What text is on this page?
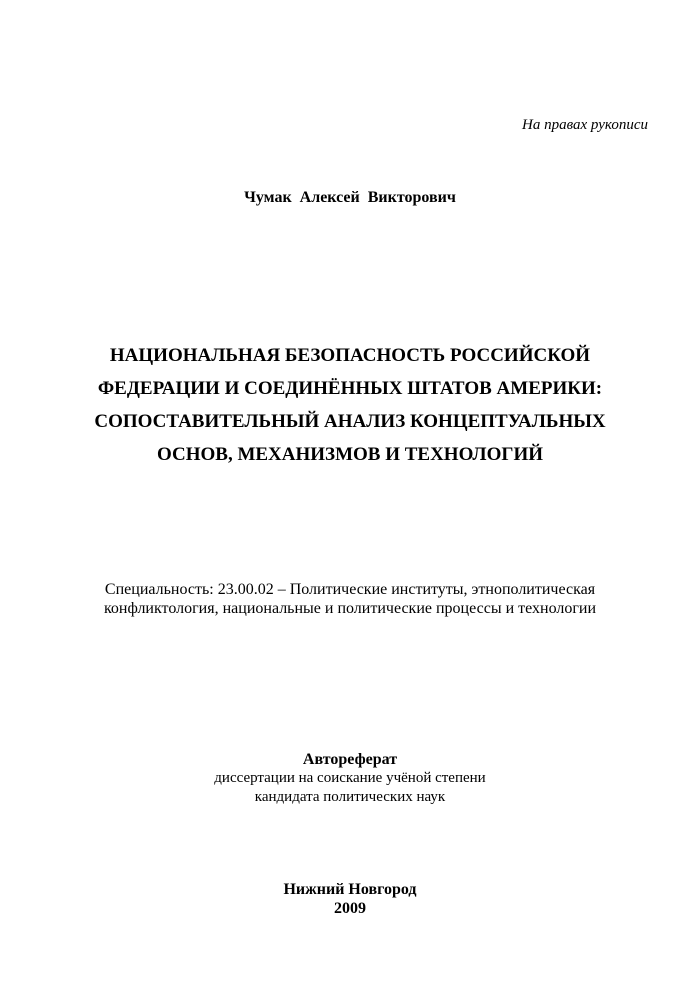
На правах рукописи
Чумак Алексей Викторович
НАЦИОНАЛЬНАЯ БЕЗОПАСНОСТЬ РОССИЙСКОЙ
ФЕДЕРАЦИИ И СОЕДИНЁННЫХ ШТАТОВ АМЕРИКИ:
СОПОСТАВИТЕЛЬНЫЙ АНАЛИЗ КОНЦЕПТУАЛЬНЫХ
ОСНОВ, МЕХАНИЗМОВ И ТЕХНОЛОГИЙ
Специальность: 23.00.02 – Политические институты, этнополитическая
конфликтология, национальные и политические процессы и технологии
Автореферат
диссертации на соискание учёной степени
кандидата политических наук
Нижний Новгород
2009
